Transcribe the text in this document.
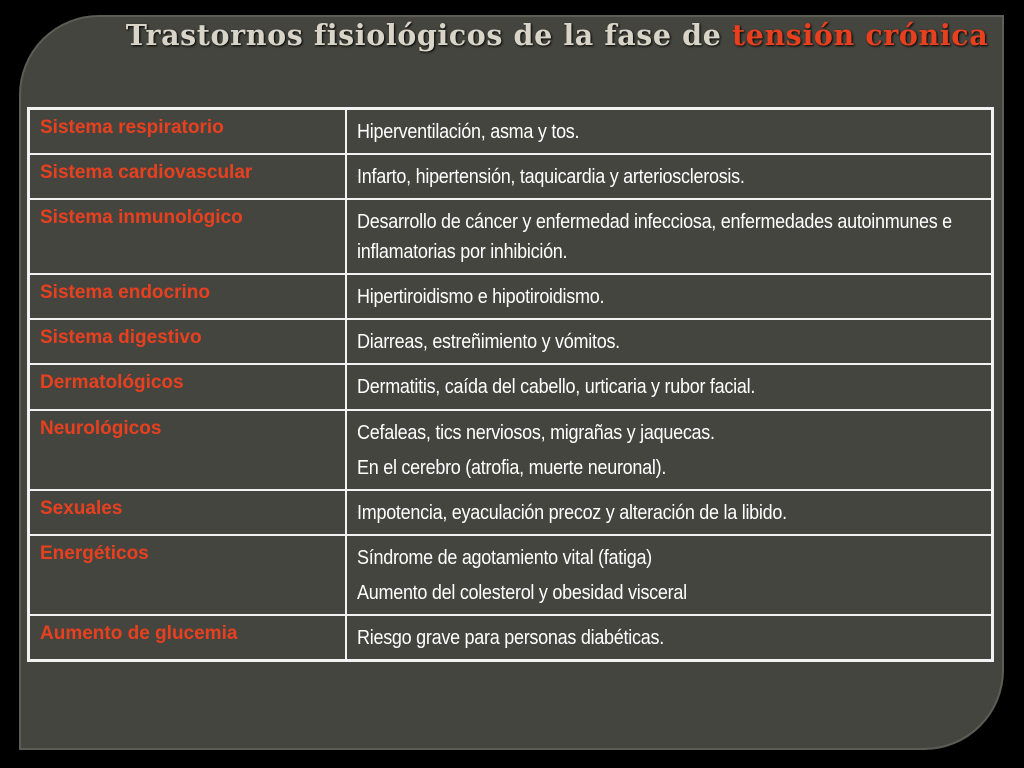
Trastornos fisiológicos de la fase de tensión crónica
Sistema respiratorio	Hiperventilación, asma y tos.

Sistema cardiovascular	Infarto, hipertensión, taquicardia y arteriosclerosis.

Sistema inmunológico	Desarrollo de cáncer y enfermedad infecciosa, enfermedades autoinmunes e inflamatorias por inhibición.

Sistema endocrino	Hipertiroidismo e hipotiroidismo.

Sistema digestivo	Diarreas, estreñimiento y vómitos.

Dermatológicos	Dermatitis, caída del cabello, urticaria y rubor facial.

Neurológicos	Cefaleas, tics nerviosos, migrañas y jaquecas.
En el cerebro (atrofia, muerte neuronal).

Sexuales	Impotencia, eyaculación precoz y alteración de la libido.

Energéticos	Síndrome de agotamiento vital (fatiga)
Aumento del colesterol y obesidad visceral

Aumento de glucemia	Riesgo grave para personas diabéticas.
